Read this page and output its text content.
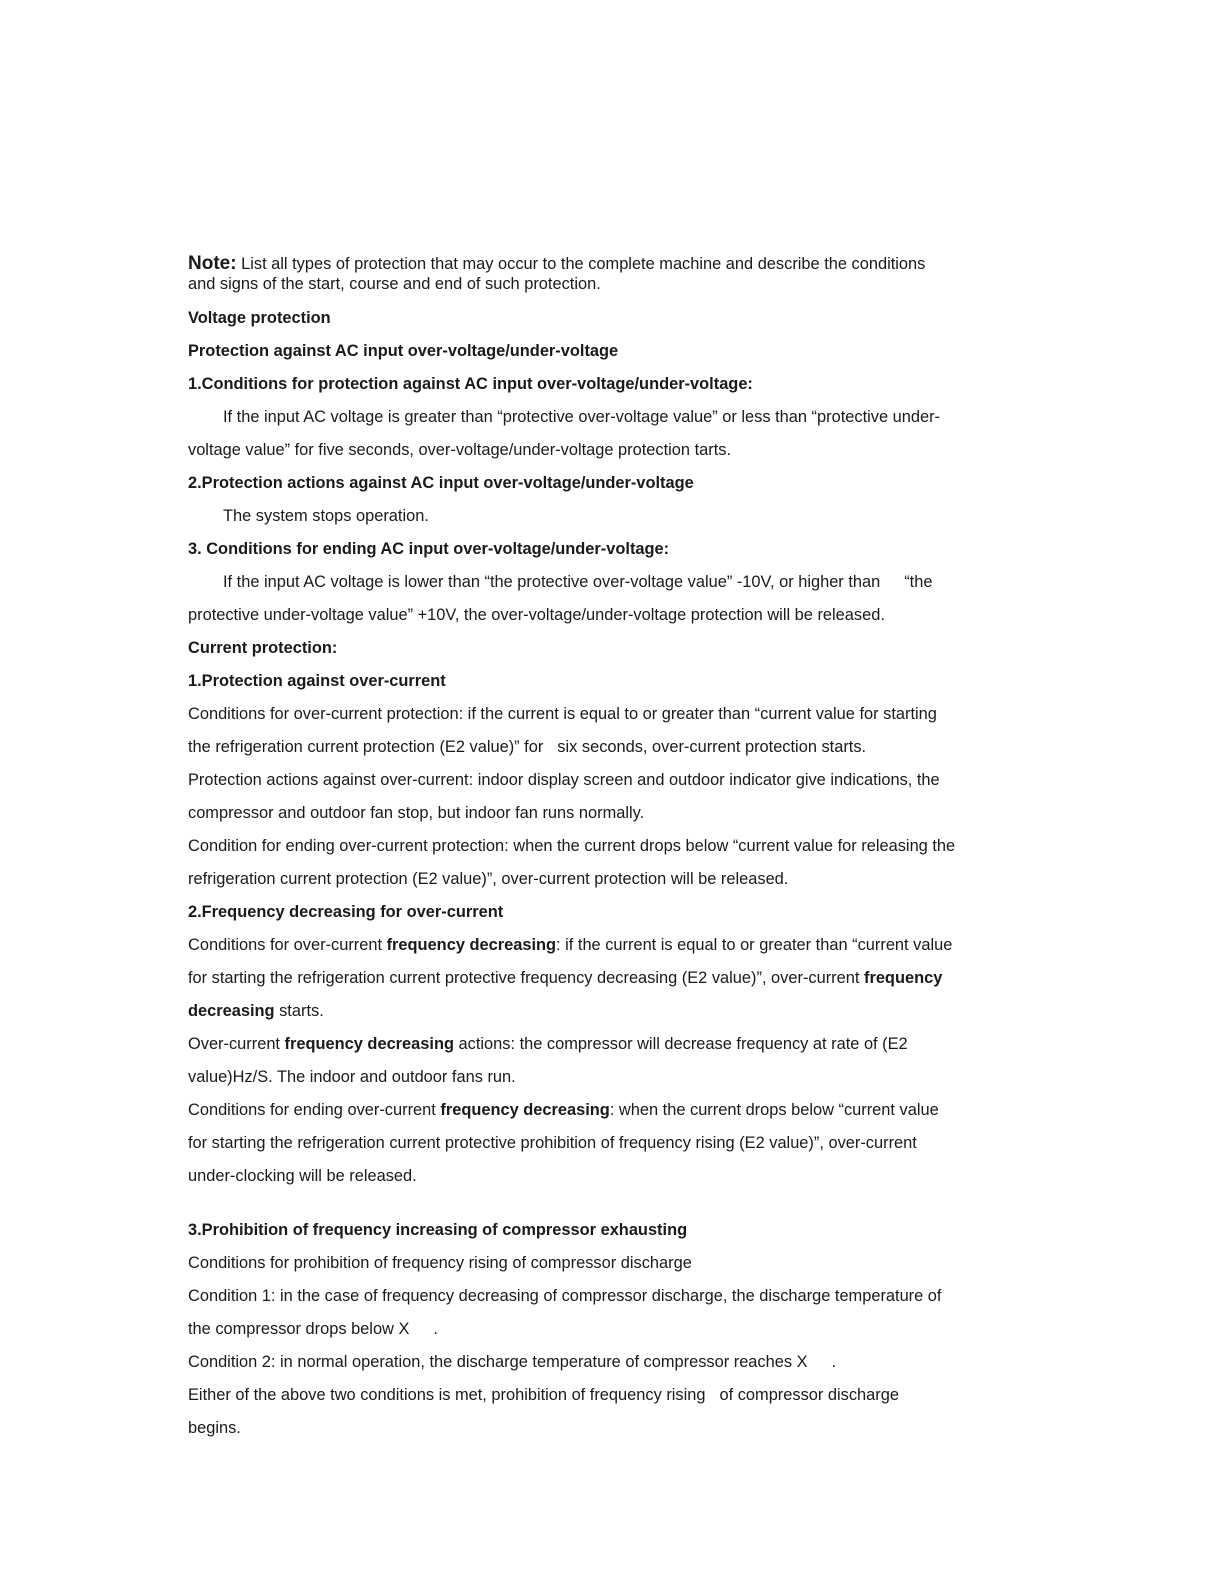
Note: List all types of protection that may occur to the complete machine and describe the conditions
and signs of the start, course and end of such protection.
Voltage protection
Protection against AC input over-voltage/under-voltage
1.Conditions for protection against AC input over-voltage/under-voltage:
If the input AC voltage is greater than “protective over-voltage value” or less than “protective under-
voltage value” for five seconds, over-voltage/under-voltage protection tarts.
2.Protection actions against AC input over-voltage/under-voltage
The system stops operation.
3. Conditions for ending AC input over-voltage/under-voltage:
If the input AC voltage is lower than “the protective over-voltage value” -10V, or higher than “the
protective under-voltage value” +10V, the over-voltage/under-voltage protection will be released.
Current protection:
1.Protection against over-current
Conditions for over-current protection: if the current is equal to or greater than “current value for starting
the refrigeration current protection (E2 value)” for six seconds, over-current protection starts.
Protection actions against over-current: indoor display screen and outdoor indicator give indications, the
compressor and outdoor fan stop, but indoor fan runs normally.
Condition for ending over-current protection: when the current drops below “current value for releasing the
refrigeration current protection (E2 value)”, over-current protection will be released.
2.Frequency decreasing for over-current
Conditions for over-current frequency decreasing: if the current is equal to or greater than “current value
for starting the refrigeration current protective frequency decreasing (E2 value)”, over-current frequency
decreasing starts.
Over-current frequency decreasing actions: the compressor will decrease frequency at rate of (E2
value)Hz/S. The indoor and outdoor fans run.
Conditions for ending over-current frequency decreasing: when the current drops below “current value
for starting the refrigeration current protective prohibition of frequency rising (E2 value)”, over-current
under-clocking will be released.
3.Prohibition of frequency increasing of compressor exhausting
Conditions for prohibition of frequency rising of compressor discharge
Condition 1: in the case of frequency decreasing of compressor discharge, the discharge temperature of
the compressor drops below X .
Condition 2: in normal operation, the discharge temperature of compressor reaches X .
Either of the above two conditions is met, prohibition of frequency rising of compressor discharge
begins.
